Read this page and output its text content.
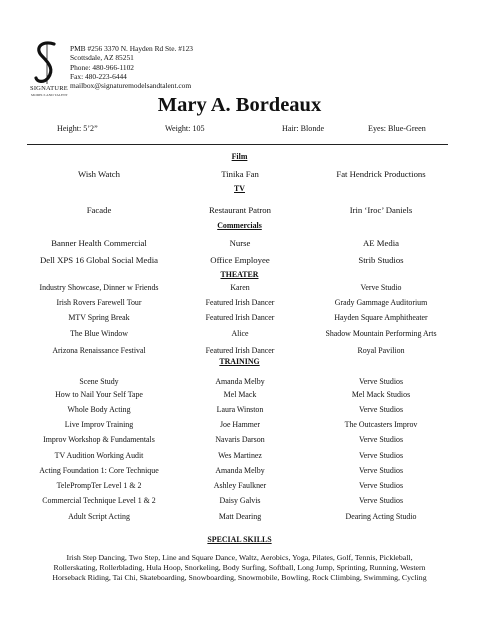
SIGNATURE
MODELS AND TALENT
PMB #256 3370 N. Hayden Rd Ste. #123
Scottsdale, AZ 85251
Phone: 480-966-1102
Fax: 480-223-6444
mailbox@signaturemodelsandtalent.com
Mary A. Bordeaux
Height: 5’2”	Weight: 105	Hair: Blonde	Eyes: Blue-Green
Film
Wish Watch	Tinika Fan	Fat Hendrick Productions
TV
Facade	Restaurant Patron	Irin ‘Iroc’ Daniels
Commercials
Banner Health Commercial	Nurse	AE Media
Dell XPS 16 Global Social Media	Office Employee	Strib Studios
THEATER
Industry Showcase, Dinner w Friends	Karen	Verve Studio
Irish Rovers Farewell Tour	Featured Irish Dancer	Grady Gammage Auditorium
MTV Spring Break	Featured Irish Dancer	Hayden Square Amphitheater
The Blue Window	Alice	Shadow Mountain Performing Arts
Arizona Renaissance Festival	Featured Irish Dancer	Royal Pavilion
TRAINING
Scene Study	Amanda Melby	Verve Studios
How to Nail Your Self Tape	Mel Mack	Mel Mack Studios
Whole Body Acting	Laura Winston	Verve Studios
Live Improv Training	Joe Hammer	The Outcasters Improv
Improv Workshop & Fundamentals	Navaris Darson	Verve Studios
TV Audition Working Audit	Wes Martinez	Verve Studios
Acting Foundation 1: Core Technique	Amanda Melby	Verve Studios
TelePrompTer Level 1 & 2	Ashley Faulkner	Verve Studios
Commercial Technique Level 1 & 2	Daisy Galvis	Verve Studios
Adult Script Acting	Matt Dearing	Dearing Acting Studio
SPECIAL SKILLS
Irish Step Dancing, Two Step, Line and Square Dance, Waltz, Aerobics, Yoga, Pilates, Golf, Tennis, Pickleball,
Rollerskating, Rollerblading, Hula Hoop, Snorkeling, Body Surfing, Softball, Long Jump, Sprinting, Running, Western
Horseback Riding, Tai Chi, Skateboarding, Snowboarding, Snowmobile, Bowling, Rock Climbing, Swimming, Cycling
